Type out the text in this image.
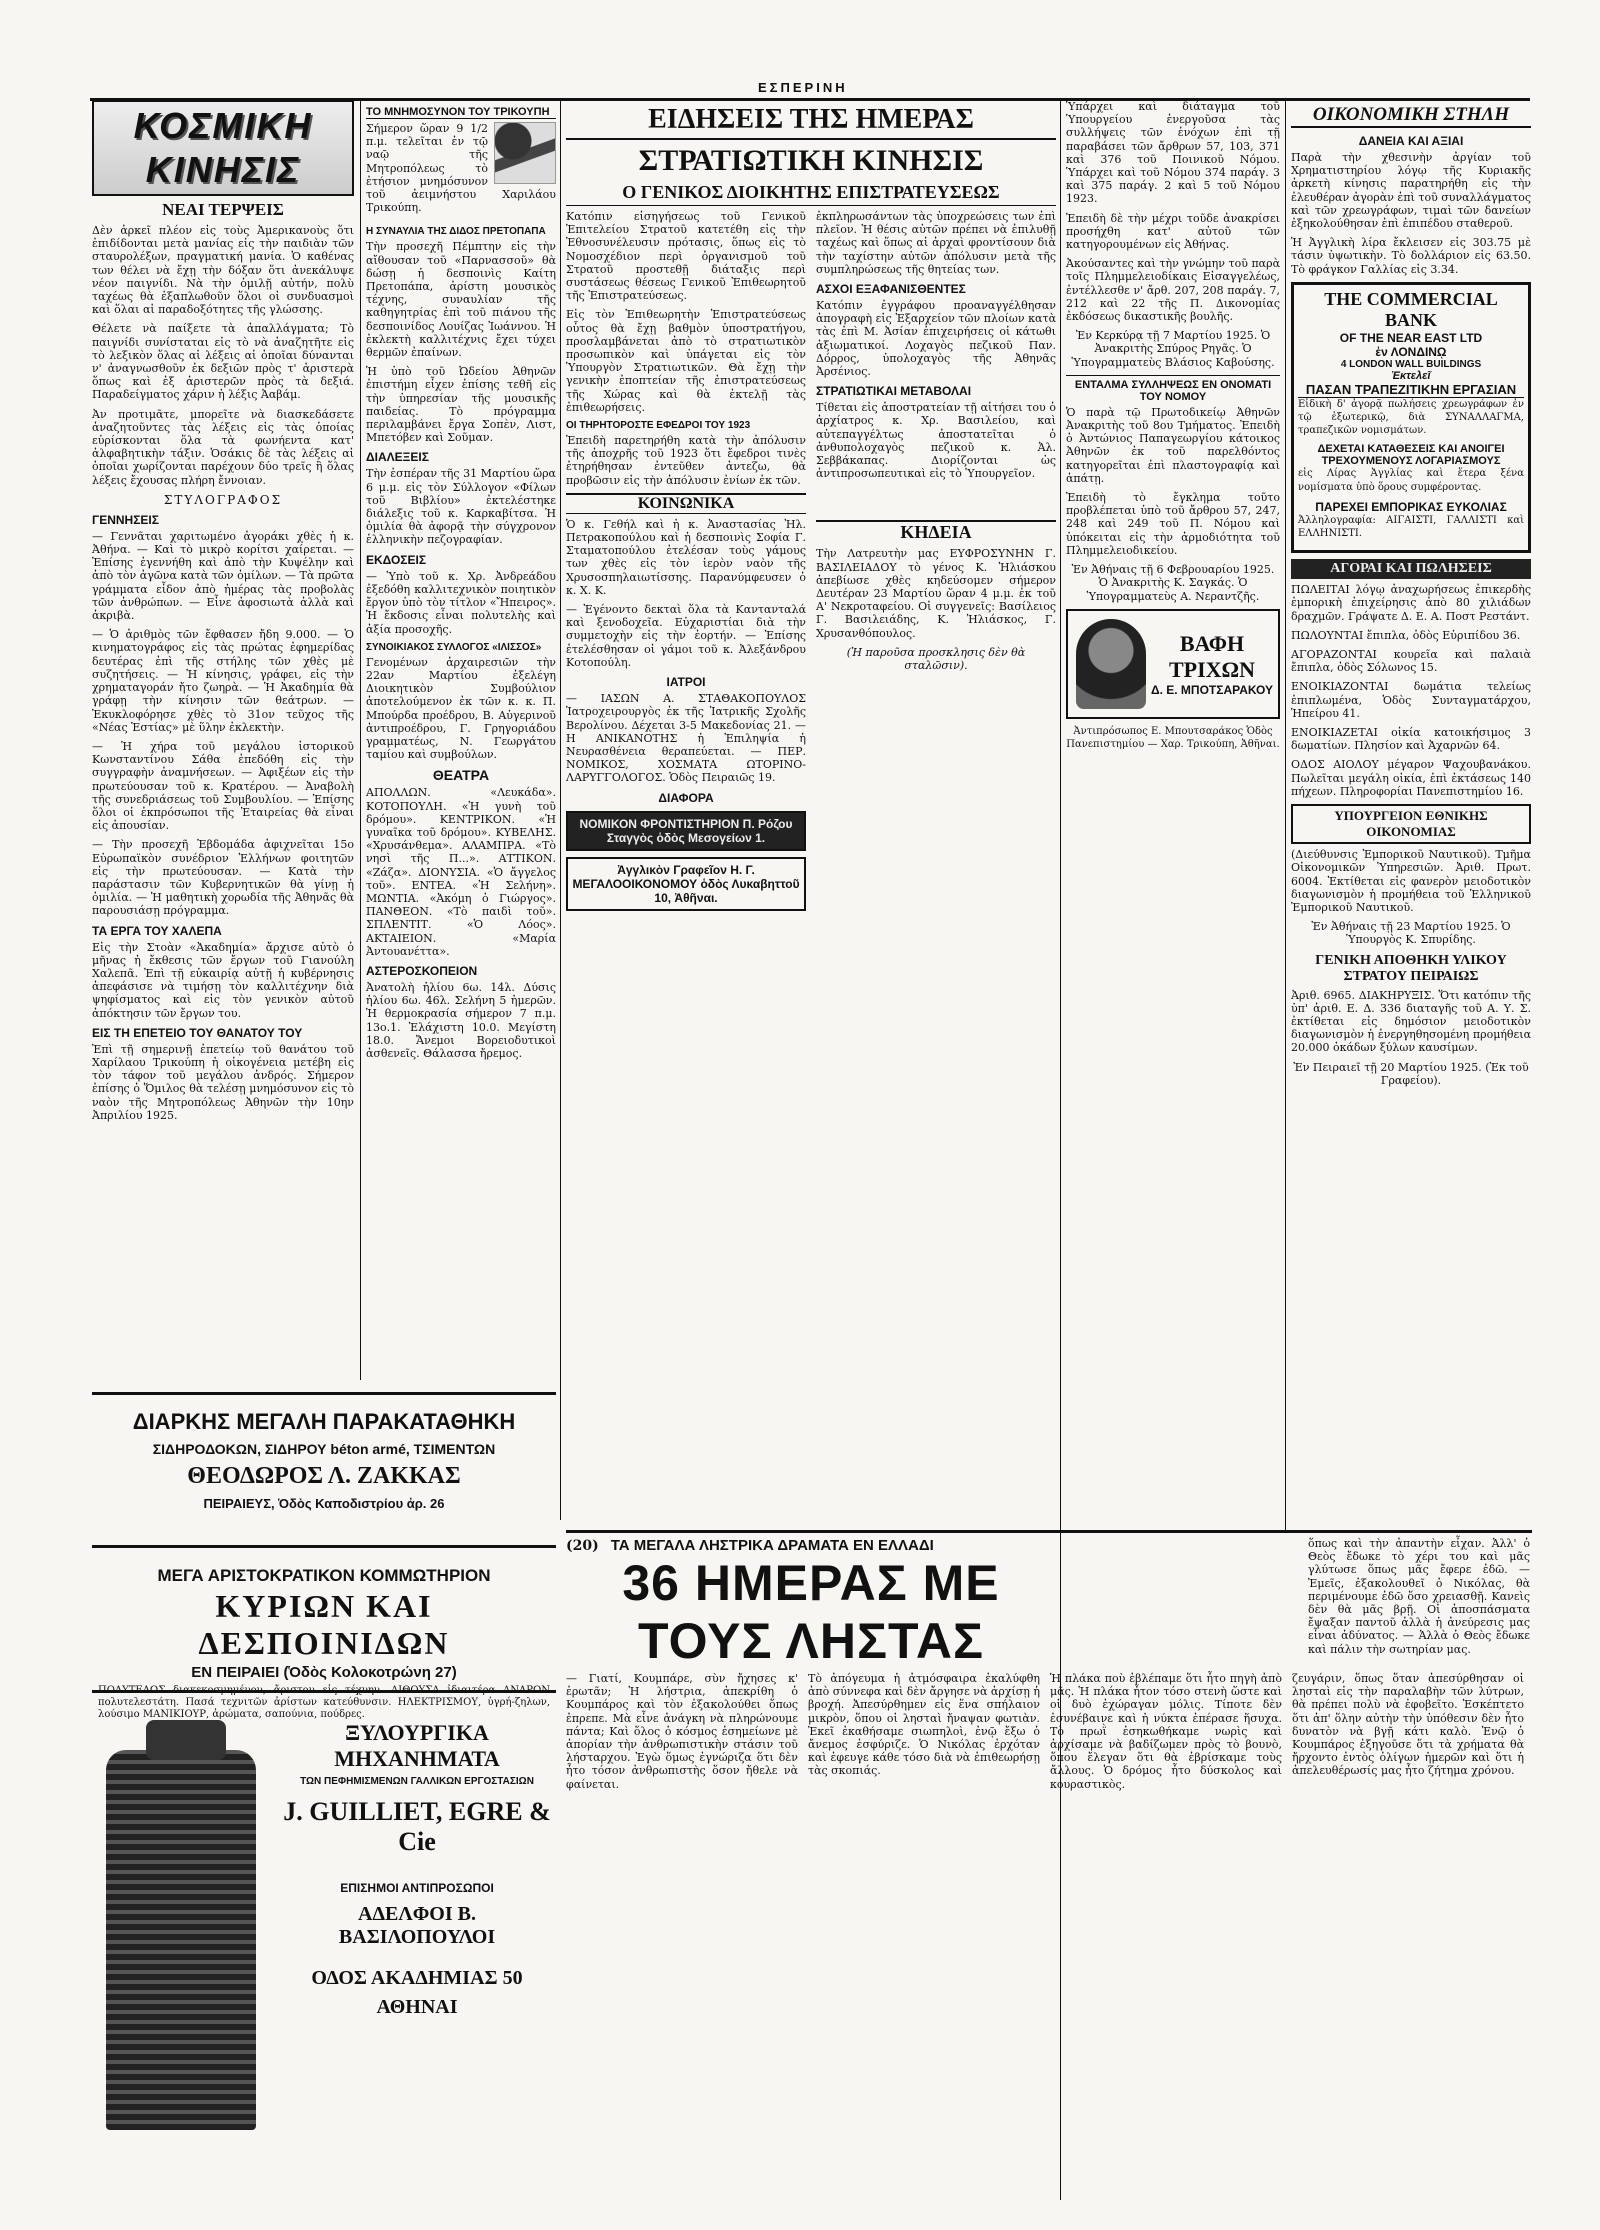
ΕΣΠΕΡΙΝΗ
ΚΟΣΜΙΚΗ ΚΙΝΗΣΙΣ
ΝΕΑΙ ΤΕΡΨΕΙΣ

Δὲν ἀρκεῖ πλέον εἰς τοὺς Ἀμερικανοὺς ὅτι ἐπιδίδονται μετὰ μανίας εἰς τὴν παιδιὰν τῶν σταυρολέξων, πραγματική μανία. Ὁ καθένας των θέλει νὰ ἔχῃ τὴν δόξαν ὅτι ἀνεκάλυψε νέον παιγνίδι. Νὰ τὴν ὁμιλῇ αὐτήν, πολὺ ταχέως θὰ ἐξαπλωθοῦν ὅλοι οἱ συνδυασμοὶ καὶ ὅλαι αἱ παραδοξότητες τῆς γλώσσης.

Θέλετε νὰ παίξετε τὰ ἀπαλλάγματα; Τὸ παιγνίδι συνίσταται εἰς τὸ νὰ ἀναζητῆτε εἰς τὸ λεξικὸν ὅλας αἱ λέξεις αἱ ὁποῖαι δύνανται ν' ἀναγνωσθοῦν ἐκ δεξιῶν πρὸς τ' ἀριστερὰ ὅπως καὶ ἐξ ἀριστερῶν πρὸς τὰ δεξιά. Παραδείγματος χάριν ἡ λέξις Ἀαβάμ.

Ἀν προτιμᾶτε, μπορεῖτε νὰ διασκεδάσετε ἀναζητοῦντες τὰς λέξεις εἰς τὰς ὁποίας εὑρίσκονται ὅλα τὰ φωνήεντα κατ' ἀλφαβητικὴν τάξιν. Ὁσάκις δὲ τὰς λέξεις αἱ ὁποῖαι χωρίζονται παρέχουν δύο τρεῖς ἢ ὅλας λέξεις ἔχουσας πλήρη ἔννοιαν.

ΣΤΥΛΟΓΡΑΦΟΣ
ΓΕΝΝΗΣΕΙΣ

— Γεννᾶται χαριτωμένο ἀγοράκι χθὲς ἡ κ. Ἀθήνα. — Καὶ τὸ μικρὸ κορίτσι χαίρεται. — Ἐπίσης ἐγεννήθη καὶ ἀπὸ τὴν Κυψέλην καὶ ἀπὸ τὸν ἀγῶνα κατὰ τῶν ὀμίλων. — Τὰ πρῶτα γράμματα εἶδον ἀπὸ ἡμέρας τὰς προβολὰς τῶν ἀνθρώπων. — Εἶνε ἀφοσιωτὰ ἀλλὰ καὶ ἀκριβὰ.

— Ὁ ἀριθμὸς τῶν ἔφθασεν ἤδη 9.000. — Ὁ κινηματογράφος εἰς τὰς πρώτας ἐφημερίδας δευτέρας ἐπὶ τῆς στήλης τῶν χθὲς μὲ συζητήσεις. — Ἡ κίνησις, γράφει, εἰς τὴν χρηματαγοράν ἤτο ζωηρὰ. — Ἡ Ἀκαδημία θὰ γράφῃ τὴν κίνησιν τῶν θεάτρων. — Ἐκυκλοφόρησε χθὲς τὸ 31ον τεῦχος τῆς «Νέας Ἑστίας» μὲ ὕλην ἐκλεκτὴν.

— Ἡ χήρα τοῦ μεγάλου ἱστορικοῦ Κωνσταντίνου Σάθα ἐπεδόθη εἰς τὴν συγγραφὴν ἀναμνήσεων. — Ἀφιξέων εἰς τὴν πρωτεύουσαν τοῦ κ. Κρατέρου. — Ἀναβολὴ τῆς συνεδριάσεως τοῦ Συμβουλίου. — Ἐπίσης ὅλοι οἱ ἐκπρόσωποι τῆς Ἐταιρείας θὰ εἶναι εἰς ἀπουσίαν.

— Τὴν προσεχῆ Ἑβδομάδα ἀφιχνεῖται 15ο Εὐρωπαϊκὸν συνέδριον Ἐλλήνων φοιτητῶν εἰς τὴν πρωτεύουσαν. — Κατὰ τὴν παράστασιν τῶν Κυβερνητικῶν θὰ γίνῃ ἡ ὁμιλία. — Ἡ μαθητικὴ χορωδία τῆς Ἀθηνᾶς θὰ παρουσιάσῃ πρόγραμμα.

ΤΑ ΕΡΓΑ ΤΟΥ ΧΑΛΕΠΑ

Εἰς τὴν Στοὰν «Ἀκαδημία» ἄρχισε αὐτὸ ὁ μῆνας ἡ ἔκθεσις τῶν ἔργων τοῦ Γιανούλη Χαλεπᾶ. Ἐπὶ τῇ εὐκαιρίᾳ αὐτῇ ἡ κυβέρνησις ἀπεφάσισε νὰ τιμήσῃ τὸν καλλιτέχνην διὰ ψηφίσματος καὶ εἰς τὸν γενικὸν αὐτοῦ ἀπόκτησιν τῶν ἔργων του.

ΕΙΣ ΤΗ ΕΠΕΤΕΙΟ ΤΟΥ ΘΑΝΑΤΟΥ ΤΟΥ

Ἐπὶ τῇ σημερινῇ ἐπετείῳ τοῦ θανάτου τοῦ Χαρίλαου Τρικούπη ἡ οἰκογένεια μετέβη εἰς τὸν τάφον τοῦ μεγάλου ἀνδρός. Σήμερον ἐπίσης ὁ Ὅμιλος θὰ τελέσῃ μνημόσυνον εἰς τὸ ναὸν τῆς Μητροπόλεως Ἀθηνῶν τὴν 10ην Ἀπριλίου 1925.

ΤΟ ΜΝΗΜΟΣΥΝΟΝ ΤΟΥ ΤΡΙΚΟΥΠΗ

Σήμερον ὥραν 9 1/2 π.μ. τελεῖται ἐν τῷ ναῷ τῆς Μητροπόλεως τὸ ἐτήσιον μνημόσυνον τοῦ ἀειμνήστου Χαριλάου Τρικούπη.

Η ΣΥΝΑΥΛΙΑ ΤΗΣ ΔΙΔΟΣ ΠΡΕΤΟΠΑΠΑ

Τὴν προσεχῆ Πέμπτην εἰς τὴν αἴθουσαν τοῦ «Παρνασσοῦ» θὰ δώσῃ ἡ δεσποινὶς Καίτη Πρετοπάπα, ἀρίστη μουσικὸς τέχνης, συναυλίαν τῆς καθηγητρίας ἐπὶ τοῦ πιάνου τῆς δεσποινίδος Λουίζας Ἰωάννου. Ἡ ἐκλεκτὴ καλλιτέχνις ἔχει τύχει θερμῶν ἐπαίνων.

Ἡ ὑπὸ τοῦ Ὠδείου Ἀθηνῶν ἐπιστήμη εἶχεν ἐπίσης τεθῆ εἰς τὴν ὑπηρεσίαν τῆς μουσικῆς παιδείας. Τὸ πρόγραμμα περιλαμβάνει ἔργα Σοπὲν, Λιστ, Μπετόβεν καὶ Σοῦμαν.

ΔΙΑΛΕΞΕΙΣ

Τὴν ἑσπέραν τῆς 31 Μαρτίου ὥρα 6 μ.μ. εἰς τὸν Σύλλογον «Φίλων τοῦ Βιβλίου» ἐκτελέστηκε διάλεξις τοῦ κ. Καρκαβίτσα. Ἡ ὁμιλία θὰ ἀφορᾷ τὴν σύγχρονον ἑλληνικὴν πεζογραφίαν.

ΕΚΔΟΣΕΙΣ

— Ὑπὸ τοῦ κ. Χρ. Ἀνδρεάδου ἐξεδόθη καλλιτεχνικὸν ποιητικὸν ἔργον ὑπὸ τὸν τίτλον «Ἤπειρος». Ἡ ἔκδοσις εἶναι πολυτελὴς καὶ ἀξία προσοχῆς.

ΣΥΝΟΙΚΙΑΚΟΣ ΣΥΛΛΟΓΟΣ «ΙΛΙΣΣΟΣ»

Γενομένων ἀρχαιρεσιῶν τὴν 22αν Μαρτίου ἐξελέγη Διοικητικὸν Συμβούλιον ἀποτελούμενον ἐκ τῶν κ. κ. Π. Μπούρδα προέδρου, Β. Αὐγερινοῦ ἀντιπροέδρου, Γ. Γρηγοριάδου γραμματέως, Ν. Γεωργάτου ταμίου καὶ συμβούλων.

ΘΕΑΤΡΑ

ΑΠΟΛΛΩΝ. «Λευκάδα». ΚΟΤΟΠΟΥΛΗ. «Ἡ γυνὴ τοῦ δρόμου». ΚΕΝΤΡΙΚΟΝ. «Ἡ γυναῖκα τοῦ δρόμου». ΚΥΒΕΛΗΣ. «Χρυσάνθεμα». ΑΛΑΜΠΡΑ. «Τὸ νησὶ τῆς Π...». ΑΤΤΙΚΟΝ. «Ζάζα». ΔΙΟΝΥΣΙΑ. «Ὁ ἄγγελος τοῦ». ΕΝΤΕΑ. «Ἡ Σελήνη». ΜΩΝΤΙΑ. «Ἀκόμη ὁ Γιώργος». ΠΑΝΘΕΟΝ. «Τὸ παιδὶ τοῦ». ΣΠΛΕΝΤΙΤ. «Ὁ Λόος». ΑΚΤΑΙΕΙΟΝ. «Μαρία Ἀντουανέττα».

ΑΣΤΕΡΟΣΚΟΠΕΙΟΝ

Ἀνατολὴ ἡλίου 6ω. 14λ. Δύσις ἡλίου 6ω. 46λ. Σελήνη 5 ἡμερῶν. Ἡ θερμοκρασία σήμερον 7 π.μ. 13ο.1. Ἐλάχιστη 10.0. Μεγίστη 18.0. Ἄνεμοι Βορειοδυτικοὶ ἀσθενεῖς. Θάλασσα ἤρεμος.

ΔΙΑΡΚΗΣ ΜΕΓΑΛΗ ΠΑΡΑΚΑΤΑΘΗΚΗ
ΣΙΔΗΡΟΔΟΚΩΝ, ΣΙΔΗΡΟΥ béton armé, ΤΣΙΜΕΝΤΩΝ
ΘΕΟΔΩΡΟΣ Λ. ΖΑΚΚΑΣ
ΠΕΙΡΑΙΕΥΣ, Ὁδὸς Καποδιστρίου ἀρ. 26
ΜΕΓΑ ΑΡΙΣΤΟΚΡΑΤΙΚΟΝ ΚΟΜΜΩΤΗΡΙΟΝ
ΚΥΡΙΩΝ ΚΑΙ ΔΕΣΠΟΙΝΙΔΩΝ
ΕΝ ΠΕΙΡΑΙΕΙ (Ὁδὸς Κολοκοτρώνη 27)

ΠΟΛΥΤΕΛΩΣ διακεκοσμημένον, ἄριστον εἰς τέχνην. ΑΙΘΟΥΣΑ ἰδιαιτέρα ΑΝΔΡΩΝ πολυτελεστάτη. Πασά τεχνιτῶν ἀρίστων κατεύθυνσιν. ΗΛΕΚΤΡΙΣΜΟΥ, ὑγρή-ζηλων, λούσιμο ΜΑΝΙΚΙΟΥΡ, ἀρώματα, σαπούνια, πούδρες.

ΞΥΛΟΥΡΓΙΚΑ ΜΗΧΑΝΗΜΑΤΑ
ΤΩΝ ΠΕΦΗΜΙΣΜΕΝΩΝ ΓΑΛΛΙΚΩΝ ΕΡΓΟΣΤΑΣΙΩΝ
J. GUILLIET, EGRE & Cie
ΕΠΙΣΗΜΟΙ ΑΝΤΙΠΡΟΣΩΠΟΙ
ΑΔΕΛΦΟΙ Β. ΒΑΣΙΛΟΠΟΥΛΟΙ
ΟΔΟΣ ΑΚΑΔΗΜΙΑΣ 50
ΑΘΗΝΑΙ
ΕΙΔΗΣΕΙΣ ΤΗΣ ΗΜΕΡΑΣ
ΣΤΡΑΤΙΩΤΙΚΗ ΚΙΝΗΣΙΣ
Ο ΓΕΝΙΚΟΣ ΔΙΟΙΚΗΤΗΣ ΕΠΙΣΤΡΑΤΕΥΣΕΩΣ

Κατόπιν εἰσηγήσεως τοῦ Γενικοῦ Ἐπιτελείου Στρατοῦ κατετέθη εἰς τὴν Ἐθνοσυνέλευσιν πρότασις, ὅπως εἰς τὸ Νομοσχέδιον περὶ ὀργανισμοῦ τοῦ Στρατοῦ προστεθῇ διάταξις περὶ συστάσεως θέσεως Γενικοῦ Ἐπιθεωρητοῦ τῆς Ἐπιστρατεύσεως.

Εἰς τὸν Ἐπιθεωρητὴν Ἐπιστρατεύσεως οὗτος θὰ ἔχῃ βαθμὸν ὑποστρατήγου, προσλαμβάνεται ἀπὸ τὸ στρατιωτικὸν προσωπικὸν καὶ ὑπάγεται εἰς τὸν Ὑπουργὸν Στρατιωτικῶν. Θὰ ἔχῃ τὴν γενικὴν ἐποπτείαν τῆς ἐπιστρατεύσεως τῆς Χώρας καὶ θὰ ἐκτελῇ τὰς ἐπιθεωρήσεις.

ΟΙ ΤΗΡΗΤΟΡΟΣΤΕ ΕΦΕΔΡΟΙ ΤΟΥ 1923

Ἐπειδὴ παρετηρήθη κατὰ τὴν ἀπόλυσιν τῆς ἀποχρῆς τοῦ 1923 ὅτι ἔφεδροι τινὲς ἐτηρήθησαν ἐντεῦθεν ἀντεζω, θὰ προβῶσιν εἰς τὴν ἀπόλυσιν ἐνίων ἐκ τῶν.

ΚΟΙΝΩΝΙΚΑ

Ὁ κ. Γεθήλ καὶ ἡ κ. Ἀναστασίας Ἠλ. Πετρακοπούλου καὶ ἡ δεσποινὶς Σοφία Γ. Σταματοπούλου ἐτελέσαν τοὺς γάμους των χθὲς εἰς τὸν ἱερὸν ναὸν τῆς Χρυσοσπηλαιωτίσσης. Παρανύμφευσεν ὁ κ. Χ. Κ.

— Ἐγένοντο δεκταὶ ὅλα τὰ Καντανταλά καὶ ξενοδοχεῖα. Εὐχαριστίαι διὰ τὴν συμμετοχὴν εἰς τὴν ἐορτήν. — Ἐπίσης ἐτελέσθησαν οἱ γάμοι τοῦ κ. Ἀλεξάνδρου Κοτοπούλη.

ΙΑΤΡΟΙ

— ΙΑΣΩΝ Α. ΣΤΑΘΑΚΟΠΟΥΛΟΣ Ἰατροχειρουργὸς ἐκ τῆς Ἰατρικῆς Σχολῆς Βερολίνου. Δέχεται 3-5 Μακεδονίας 21. — Η ΑΝΙΚΑΝΟΤΗΣ ἡ Ἐπιληψία ἡ Νευρασθένεια θεραπεύεται. — ΠΕΡ. ΝΟΜΙΚΟΣ, ΧΟΣΜΑΤΑ ΩΤΟΡΙΝΟ-ΛΑΡΥΓΓΟΛΟΓΟΣ. Ὁδὸς Πειραιῶς 19.

ΔΙΑΦΟΡΑ
ΝΟΜΙΚΟΝ ΦΡΟΝΤΙΣΤΗΡΙΟΝ Π. Ρόζου Σταγγὸς ὁδὸς Μεσογείων 1.
Ἀγγλικὸν Γραφεῖον Η. Γ. ΜΕΓΑΛΟΟΙΚΟΝΟΜΟΥ ὁδὸς Λυκαβηττοῦ 10, Ἀθῆναι.

ἐκπληρωσάντων τὰς ὑποχρεώσεις των ἐπὶ πλεῖον. Ἡ θέσις αὐτῶν πρέπει νὰ ἐπιλυθῇ ταχέως καὶ ὅπως αἱ ἀρχαὶ φροντίσουν διὰ τὴν ταχίστην αὐτῶν ἀπόλυσιν μετὰ τῆς συμπληρώσεως τῆς θητείας των.

ΑΣΧΟΙ ΕΞΑΦΑΝΙΣΘΕΝΤΕΣ

Κατόπιν ἐγγράφου προαναγγέλθησαν ἀπογραφὴ εἰς Ἐξαρχείον τῶν πλοίων κατὰ τὰς ἐπὶ Μ. Ἀσίαν ἐπιχειρήσεις οἱ κάτωθι ἀξιωματικοί. Λοχαγὸς πεζικοῦ Παν. Δόρρος, ὑπολοχαγὸς τῆς Ἀθηνᾶς Ἀρσένιος.

ΣΤΡΑΤΙΩΤΙΚΑΙ ΜΕΤΑΒΟΛΑΙ

Τίθεται εἰς ἀποστρατείαν τῇ αἰτήσει του ὁ ἀρχίατρος κ. Χρ. Βασιλείου, καὶ αὐτεπαγγέλτως ἀποστατεῖται ὁ ἀνθυπολοχαγὸς πεζικοῦ κ. Ἀλ. Σεββάκαπας. Διορίζονται ὡς ἀντιπροσωπευτικαὶ εἰς τὸ Ὑπουργεῖον.

ΚΗΔΕΙΑ

Τὴν Λατρευτὴν μας ΕΥΦΡΟΣΥΝΗΝ Γ. ΒΑΣΙΛΕΙΑΔΟΥ τὸ γένος Κ. Ἠλιάσκου ἀπεβίωσε χθὲς κηδεύσομεν σήμερον Δευτέραν 23 Μαρτίου ὥραν 4 μ.μ. ἐκ τοῦ Α' Νεκροταφείου. Οἱ συγγενεῖς: Βασίλειος Γ. Βασιλειάδης, Κ. Ἠλιάσκος, Γ. Χρυσανθόπουλος.

(Ἡ παροῦσα προσκλησις δὲν θὰ σταλῶσιν).

Ὑπάρχει καὶ διάταγμα τοῦ Ὑπουργείου ἐνεργοῦσα τὰς συλλήψεις τῶν ἐνόχων ἐπὶ τῇ παραβάσει τῶν ἄρθρων 57, 103, 371 καὶ 376 τοῦ Ποινικοῦ Νόμου. Ὑπάρχει καὶ τοῦ Νόμου 374 παράγ. 3 καὶ 375 παράγ. 2 καὶ 5 τοῦ Νόμου 1923.

Ἐπειδὴ δὲ τὴν μέχρι τοῦδε ἀνακρίσει προσήχθη κατ' αὐτοῦ τῶν κατηγορουμένων εἰς Ἀθήνας.

Ἀκούσαντες καὶ τὴν γνώμην τοῦ παρὰ τοῖς Πλημμελειοδίκαις Εἰσαγγελέως, ἐντέλλεσθε ν' ἄρθ. 207, 208 παράγ. 7, 212 καὶ 22 τῆς Π. Δικονομίας ἐκδόσεως δικαστικῆς βουλῆς.

Ἐν Κερκύρᾳ τῇ 7 Μαρτίου 1925. Ὁ Ἀνακριτὴς Σπύρος Ρηγᾶς. Ὁ Ὑπογραμματεὺς Βλάσιος Καβούσης.

ΕΝΤΑΛΜΑ ΣΥΛΛΗΨΕΩΣ ΕΝ ΟΝΟΜΑΤΙ ΤΟΥ ΝΟΜΟΥ

Ὁ παρὰ τῷ Πρωτοδικείῳ Ἀθηνῶν Ἀνακριτὴς τοῦ 8ου Τμήματος. Ἐπειδὴ ὁ Ἀντώνιος Παπαγεωργίου κάτοικος Ἀθηνῶν ἐκ τοῦ παρελθόντος κατηγορεῖται ἐπὶ πλαστογραφίᾳ καὶ ἀπάτῃ.

Ἐπειδὴ τὸ ἔγκλημα τοῦτο προβλέπεται ὑπὸ τοῦ ἄρθρου 57, 247, 248 καὶ 249 τοῦ Π. Νόμου καὶ ὑπόκειται εἰς τὴν ἀρμοδιότητα τοῦ Πλημμελειοδικείου.

Ἐν Ἀθήναις τῇ 6 Φεβρουαρίου 1925. Ὁ Ἀνακριτὴς Κ. Σαγκάς. Ὁ Ὑπογραμματεὺς Α. Νεραντζῆς.

ΒΑΦΗ ΤΡΙΧΩΝ
Δ. Ε. ΜΠΟΤΣΑΡΑΚΟΥ

Ἀντιπρόσωπος Ε. Μπουτσαράκος Ὁδὸς Πανεπιστημίου — Χαρ. Τρικούπη, Ἀθῆναι.

ΟΙΚΟΝΟΜΙΚΗ ΣΤΗΛΗ
ΔΑΝΕΙΑ ΚΑΙ ΑΞΙΑΙ

Παρὰ τὴν χθεσινὴν ἀργίαν τοῦ Χρηματιστηρίου λόγῳ τῆς Κυριακῆς ἀρκετὴ κίνησις παρατηρήθη εἰς τὴν ἐλευθέραν ἀγορὰν ἐπὶ τοῦ συναλλάγματος καὶ τῶν χρεωγράφων, τιμαὶ τῶν δανείων ἐξηκολούθησαν ἐπὶ ἐπιπέδου σταθεροῦ.

Ἡ Ἀγγλικὴ λίρα ἔκλεισεν εἰς 303.75 μὲ τάσιν ὑψωτικὴν. Τὸ δολλάριον εἰς 63.50. Τὸ φράγκον Γαλλίας εἰς 3.34.

ΤΗΕ COMMERCIAL BANK
OF THE NEAR EAST LTD
ἐν ΛΟΝΔΙΝῼ
4 LONDON WALL BUILDINGS
Ἐκτελεῖ
ΠΑΣΑΝ ΤΡΑΠΕΖΙΤΙΚΗΝ ΕΡΓΑΣΙΑΝ

Εἰδικὴ δ' ἀγορᾷ πωλήσεις χρεωγράφων ἐν τῷ ἐξωτερικῷ, διὰ ΣΥΝΑΛΛΑΓΜΑ, τραπεζικῶν νομισμάτων.

ΔΕΧΕΤΑΙ ΚΑΤΑΘΕΣΕΙΣ ΚΑΙ ΑΝΟΙΓΕΙ ΤΡΕΧΟΥΜΕΝΟΥΣ ΛΟΓΑΡΙΑΣΜΟΥΣ

εἰς Λίρας Ἀγγλίας καὶ ἕτερα ξένα νομίσματα ὑπὸ ὅρους συμφέροντας.

ΠΑΡΕΧΕΙ ΕΜΠΟΡΙΚΑΣ ΕΥΚΟΛΙΑΣ

Ἀλληλογραφία: ΑΙΓΑΙΣΤΙ, ΓΑΛΛΙΣΤΙ καὶ ΕΛΛΗΝΙΣΤΙ.

ΑΓΟΡΑΙ ΚΑΙ ΠΩΛΗΣΕΙΣ

ΠΩΛΕΙΤΑΙ λόγῳ ἀναχωρήσεως ἐπικερδὴς ἐμπορικὴ ἐπιχείρησις ἀπὸ 80 χιλιάδων δραχμῶν. Γράψατε Δ. Ε. Α. Ποστ Ρεστάντ.

ΠΩΛΟΥΝΤΑΙ ἔπιπλα, ὁδὸς Εὐριπίδου 36.

ΑΓΟΡΑΖΟΝΤΑΙ κουρεῖα καὶ παλαιὰ ἔπιπλα, ὁδὸς Σόλωνος 15.

ΕΝΟΙΚΙΑΖΟΝΤΑΙ δωμάτια τελείως ἐπιπλωμένα, Ὁδὸς Συνταγματάρχου, Ἡπείρου 41.

ΕΝΟΙΚΙΑΖΕΤΑΙ οἰκία κατοικήσιμος 3 δωματίων. Πλησίον καὶ Ἀχαρνῶν 64.

ΟΔΟΣ ΑΙΟΛΟΥ μέγαρον Ψαχουβανάκου. Πωλεῖται μεγάλη οἰκία, ἐπὶ ἐκτάσεως 140 πήχεων. Πληροφορίαι Πανεπιστημίου 16.

ΥΠΟΥΡΓΕΙΟΝ ΕΘΝΙΚΗΣ ΟΙΚΟΝΟΜΙΑΣ

(Διεύθυνσις Ἐμπορικοῦ Ναυτικοῦ). Τμῆμα Οἰκονομικῶν Ὑπηρεσιῶν. Ἀριθ. Πρωτ. 6004. Ἐκτίθεται εἰς φανερὸν μειοδοτικὸν διαγωνισμὸν ἡ προμήθεια τοῦ Ἐλληνικοῦ Ἐμπορικοῦ Ναυτικοῦ.

Ἐν Ἀθήναις τῇ 23 Μαρτίου 1925. Ὁ Ὑπουργὸς Κ. Σπυρίδης.

ΓΕΝΙΚΗ ΑΠΟΘΗΚΗ ΥΛΙΚΟΥ ΣΤΡΑΤΟΥ ΠΕΙΡΑΙΩΣ

Ἀριθ. 6965. ΔΙΑΚΗΡΥΞΙΣ. Ὅτι κατόπιν τῆς ὑπ' ἀριθ. Ε. Δ. 336 διαταγῆς τοῦ Α. Υ. Σ. ἐκτίθεται εἰς δημόσιον μειοδοτικὸν διαγωνισμὸν ἡ ἐνεργηθησομένη προμήθεια 20.000 ὀκάδων ξύλων καυσίμων.

Ἐν Πειραιεῖ τῇ 20 Μαρτίου 1925. (Ἐκ τοῦ Γραφείου).

(20) ΤΑ ΜΕΓΑΛΑ ΛΗΣΤΡΙΚΑ ΔΡΑΜΑΤΑ ΕΝ ΕΛΛΑΔΙ
36 ΗΜΕΡΑΣ ΜΕ ΤΟΥΣ ΛΗΣΤΑΣ

— Γιατί, Κουμπάρε, σὺν ἤχησες κ' ἐρωτᾶν; Ἡ λήστρια, ἀπεκρίθη ὁ Κουμπάρος καὶ τὸν ἐξακολούθει ὅπως ἐπρεπε. Μὰ εἶνε ἀνάγκη νὰ πληρώνουμε πάντα; Καὶ ὅλος ὁ κόσμος ἐσημείωνε μὲ ἀπορίαν τὴν ἀνθρωπιστικὴν στάσιν τοῦ λήσταρχου. Ἐγὼ ὅμως ἐγνώριζα ὅτι δὲν ἦτο τόσον ἀνθρωπιστὴς ὅσον ἤθελε νὰ φαίνεται.

Τὸ ἀπόγευμα ἡ ἀτμόσφαιρα ἐκαλύφθη ἀπὸ σύννεφα καὶ δὲν ἄργησε νὰ ἀρχίσῃ ἡ βροχή. Ἀπεσύρθημεν εἰς ἕνα σπήλαιον μικρὸν, ὅπου οἱ λησταὶ ἤναψαν φωτιὰν. Ἐκεῖ ἐκαθήσαμε σιωπηλοὶ, ἐνῷ ἔξω ὁ ἄνεμος ἐσφύριζε. Ὁ Νικόλας ἐρχόταν καὶ ἐφευγε κάθε τόσο διὰ νὰ ἐπιθεωρήσῃ τὰς σκοπιάς.

Ἡ πλάκα ποὺ ἐβλέπαμε ὅτι ἦτο πηγὴ ἀπὸ μᾶς. Ἡ πλάκα ἦτον τόσο στενὴ ὥστε καὶ οἱ δυὸ ἐχώραγαν μόλις. Τίποτε δὲν ἐσυνέβαινε καὶ ἡ νύκτα ἐπέρασε ἥσυχα. Τὸ πρωῒ ἐσηκωθήκαμε νωρὶς καὶ ἀρχίσαμε νὰ βαδίζωμεν πρὸς τὸ βουνὸ, ὅπου ἔλεγαν ὅτι θὰ ἐβρίσκαμε τοὺς ἄλλους. Ὁ δρόμος ἦτο δύσκολος καὶ κουραστικὸς.

ζευγάριν, ὅπως ὅταν ἀπεσύρθησαν οἱ λησταὶ εἰς τὴν παραλαβὴν τῶν λύτρων, θὰ πρέπει πολὺ νὰ ἐφοβεῖτο. Ἐσκέπτετο ὅτι ἀπ' ὅλην αὐτὴν τὴν ὑπόθεσιν δὲν ἦτο δυνατὸν νὰ βγῇ κάτι καλὸ. Ἐνῷ ὁ Κουμπάρος ἐξηγοῦσε ὅτι τὰ χρήματα θὰ ἤρχοντο ἐντὸς ὀλίγων ἡμερῶν καὶ ὅτι ἡ ἀπελευθέρωσίς μας ἦτο ζήτημα χρόνου.

ὅπως καὶ τὴν ἀπαντὴν εἶχαν. Ἀλλ' ὁ Θεὸς ἔδωκε τὸ χέρι του καὶ μᾶς γλύτωσε ὅπως μᾶς ἔφερε ἐδῶ. — Ἐμεῖς, ἐξακολουθεῖ ὁ Νικόλας, θὰ περιμένουμε ἐδῶ ὅσο χρειασθῇ. Κανεὶς δὲν θὰ μᾶς βρῇ. Οἱ ἀποσπάσματα ἔψαξαν παντοῦ ἀλλὰ ἡ ἀνεύρεσις μας εἶναι ἀδύνατος. — Ἀλλὰ ὁ Θεὸς ἔδωκε καὶ πάλιν τὴν σωτηρίαν μας.
